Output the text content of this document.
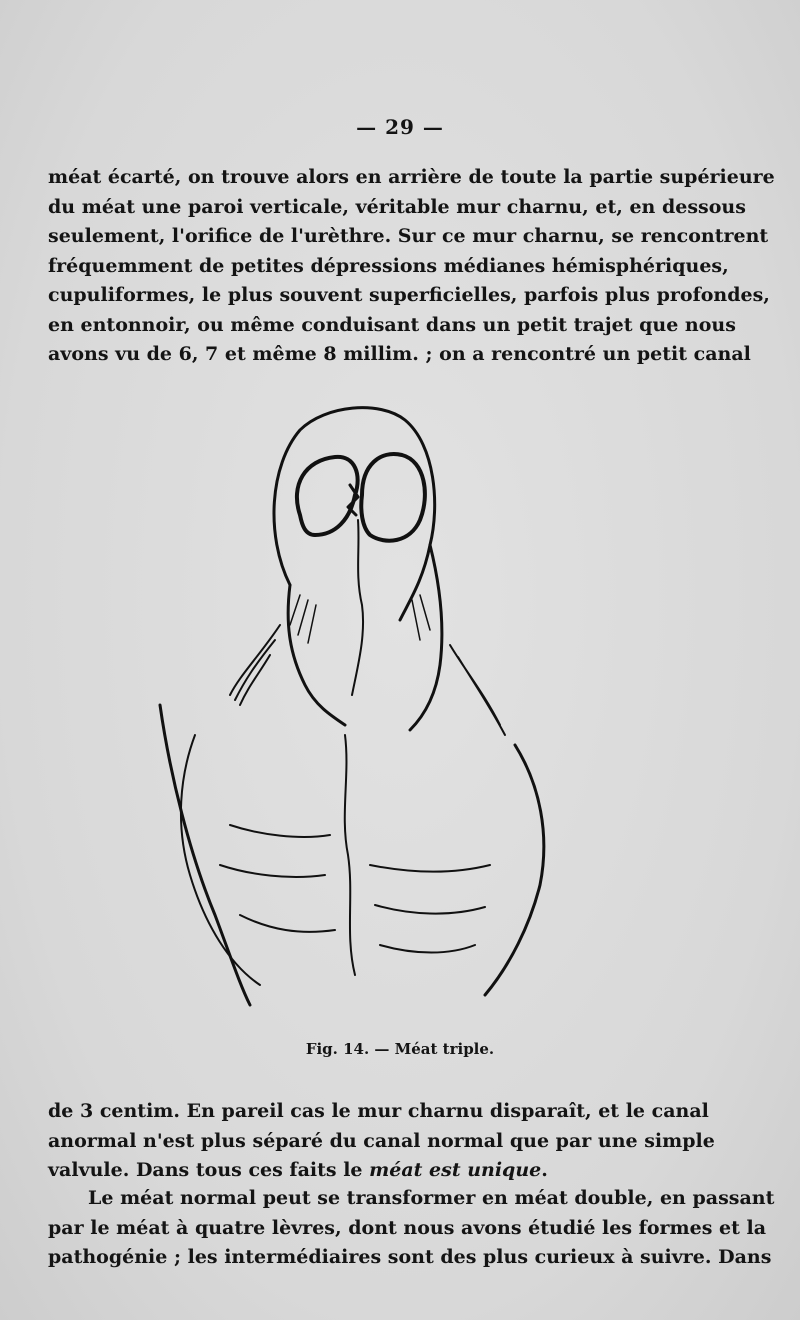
— 29 —
méat écarté, on trouve alors en arrière de toute la partie supérieure
du méat une paroi verticale, véritable mur charnu, et, en dessous
seulement, l'orifice de l'urèthre. Sur ce mur charnu, se rencontrent
fréquemment de petites dépressions médianes hémisphériques,
cupuliformes, le plus souvent superficielles, parfois plus profondes,
en entonnoir, ou même conduisant dans un petit trajet que nous
avons vu de 6, 7 et même 8 millim. ; on a rencontré un petit canal
Fig. 14. — Méat triple.
de 3 centim. En pareil cas le mur charnu disparaît, et le canal
anormal n'est plus séparé du canal normal que par une simple
valvule. Dans tous ces faits le méat est unique.
Le méat normal peut se transformer en méat double, en passant
par le méat à quatre lèvres, dont nous avons étudié les formes et la
pathogénie ; les intermédiaires sont des plus curieux à suivre. Dans
